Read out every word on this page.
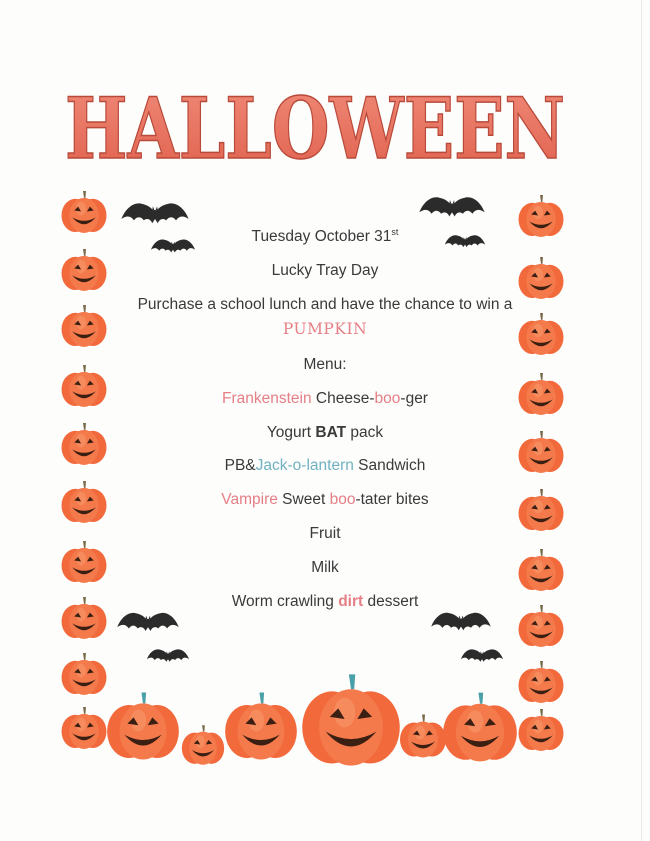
HALLOWEEN
Tuesday October 31st
Lucky Tray Day
Purchase a school lunch and have the chance to win a
PUMPKIN
Menu:
Frankenstein Cheese-boo-ger
Yogurt BAT pack
PB&Jack-o-lantern Sandwich
Vampire Sweet boo-tater bites
Fruit
Milk
Worm crawling dirt dessert
